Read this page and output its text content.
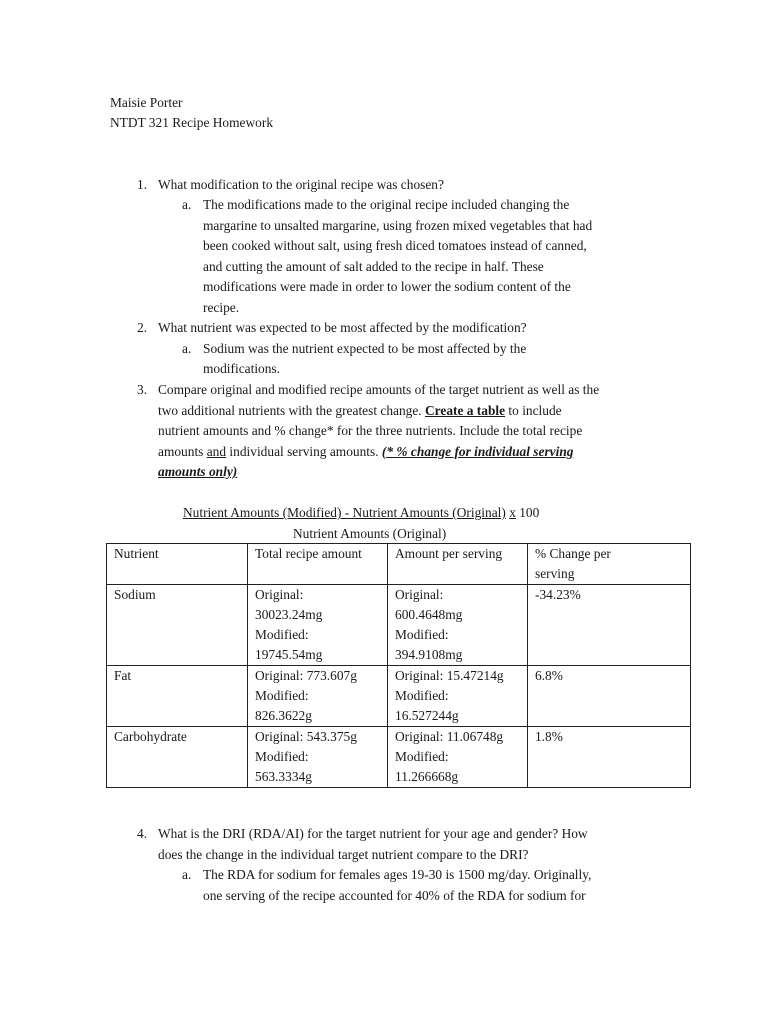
Maisie Porter
NTDT 321 Recipe Homework
1. What modification to the original recipe was chosen?
a. The modifications made to the original recipe included changing the
margarine to unsalted margarine, using frozen mixed vegetables that had
been cooked without salt, using fresh diced tomatoes instead of canned,
and cutting the amount of salt added to the recipe in half. These
modifications were made in order to lower the sodium content of the
recipe.
2. What nutrient was expected to be most affected by the modification?
a. Sodium was the nutrient expected to be most affected by the
modifications.
3. Compare original and modified recipe amounts of the target nutrient as well as the
two additional nutrients with the greatest change. Create a table to include
nutrient amounts and % change* for the three nutrients. Include the total recipe
amounts and individual serving amounts. (* % change for individual serving
amounts only)
Nutrient Amounts (Modified) - Nutrient Amounts (Original) x 100
Nutrient Amounts (Original)
Nutrient	Total recipe amount	Amount per serving	% Change per
serving

Sodium	Original:
30023.24mg
Modified:
19745.54mg	Original:
600.4648mg
Modified:
394.9108mg	-34.23%

Fat	Original: 773.607g
Modified:
826.3622g	Original: 15.47214g
Modified:
16.527244g	6.8%

Carbohydrate	Original: 543.375g
Modified:
563.3334g	Original: 11.06748g
Modified:
11.266668g	1.8%
4. What is the DRI (RDA/AI) for the target nutrient for your age and gender? How
does the change in the individual target nutrient compare to the DRI?
a. The RDA for sodium for females ages 19-30 is 1500 mg/day. Originally,
one serving of the recipe accounted for 40% of the RDA for sodium for
